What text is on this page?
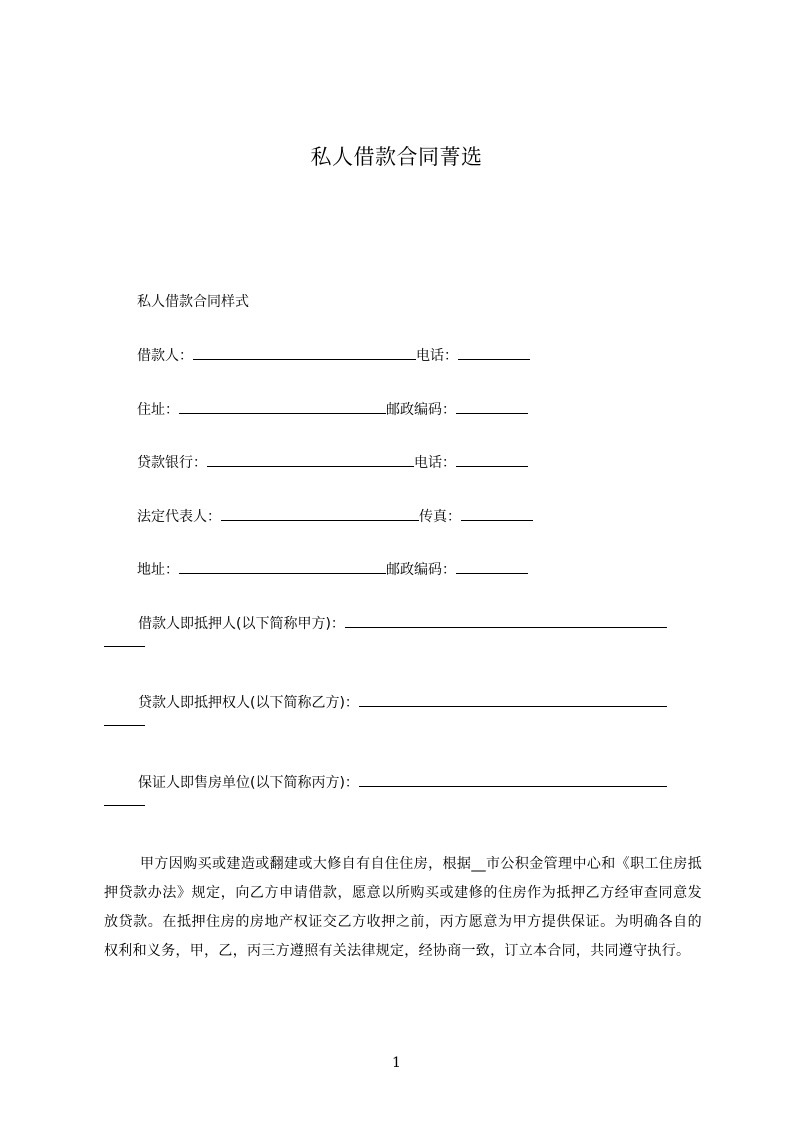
私人借款合同菁选
私人借款合同样式
借款人：	电话：
住址：	邮政编码：
贷款银行：	电话：
法定代表人：	传真：
地址：	邮政编码：
借款人即抵押人(以下简称甲方)：
贷款人即抵押权人(以下简称乙方)：
保证人即售房单位(以下简称丙方)：
甲方因购买或建造或翻建或大修自有自住住房，根据__市公积金管理中心和《职工住房抵押贷款办法》规定，向乙方申请借款，愿意以所购买或建修的住房作为抵押乙方经审查同意发放贷款。在抵押住房的房地产权证交乙方收押之前，丙方愿意为甲方提供保证。为明确各自的权利和义务，甲，乙，丙三方遵照有关法律规定，经协商一致，订立本合同，共同遵守执行。
1
